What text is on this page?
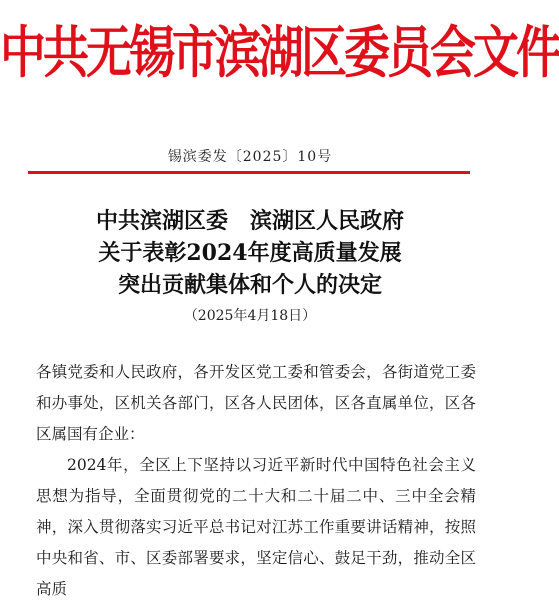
中共无锡市滨湖区委员会文件
锡滨委发〔2025〕10号
中共滨湖区委　滨湖区人民政府
关于表彰2024年度高质量发展
突出贡献集体和个人的决定
（2025年4月18日）
各镇党委和人民政府，各开发区党工委和管委会，各街道党工委和办事处，区机关各部门，区各人民团体，区各直属单位，区各区属国有企业：
2024年，全区上下坚持以习近平新时代中国特色社会主义思想为指导，全面贯彻党的二十大和二十届二中、三中全会精神，深入贯彻落实习近平总书记对江苏工作重要讲话精神，按照中央和省、市、区委部署要求，坚定信心、鼓足干劲，推动全区高质
